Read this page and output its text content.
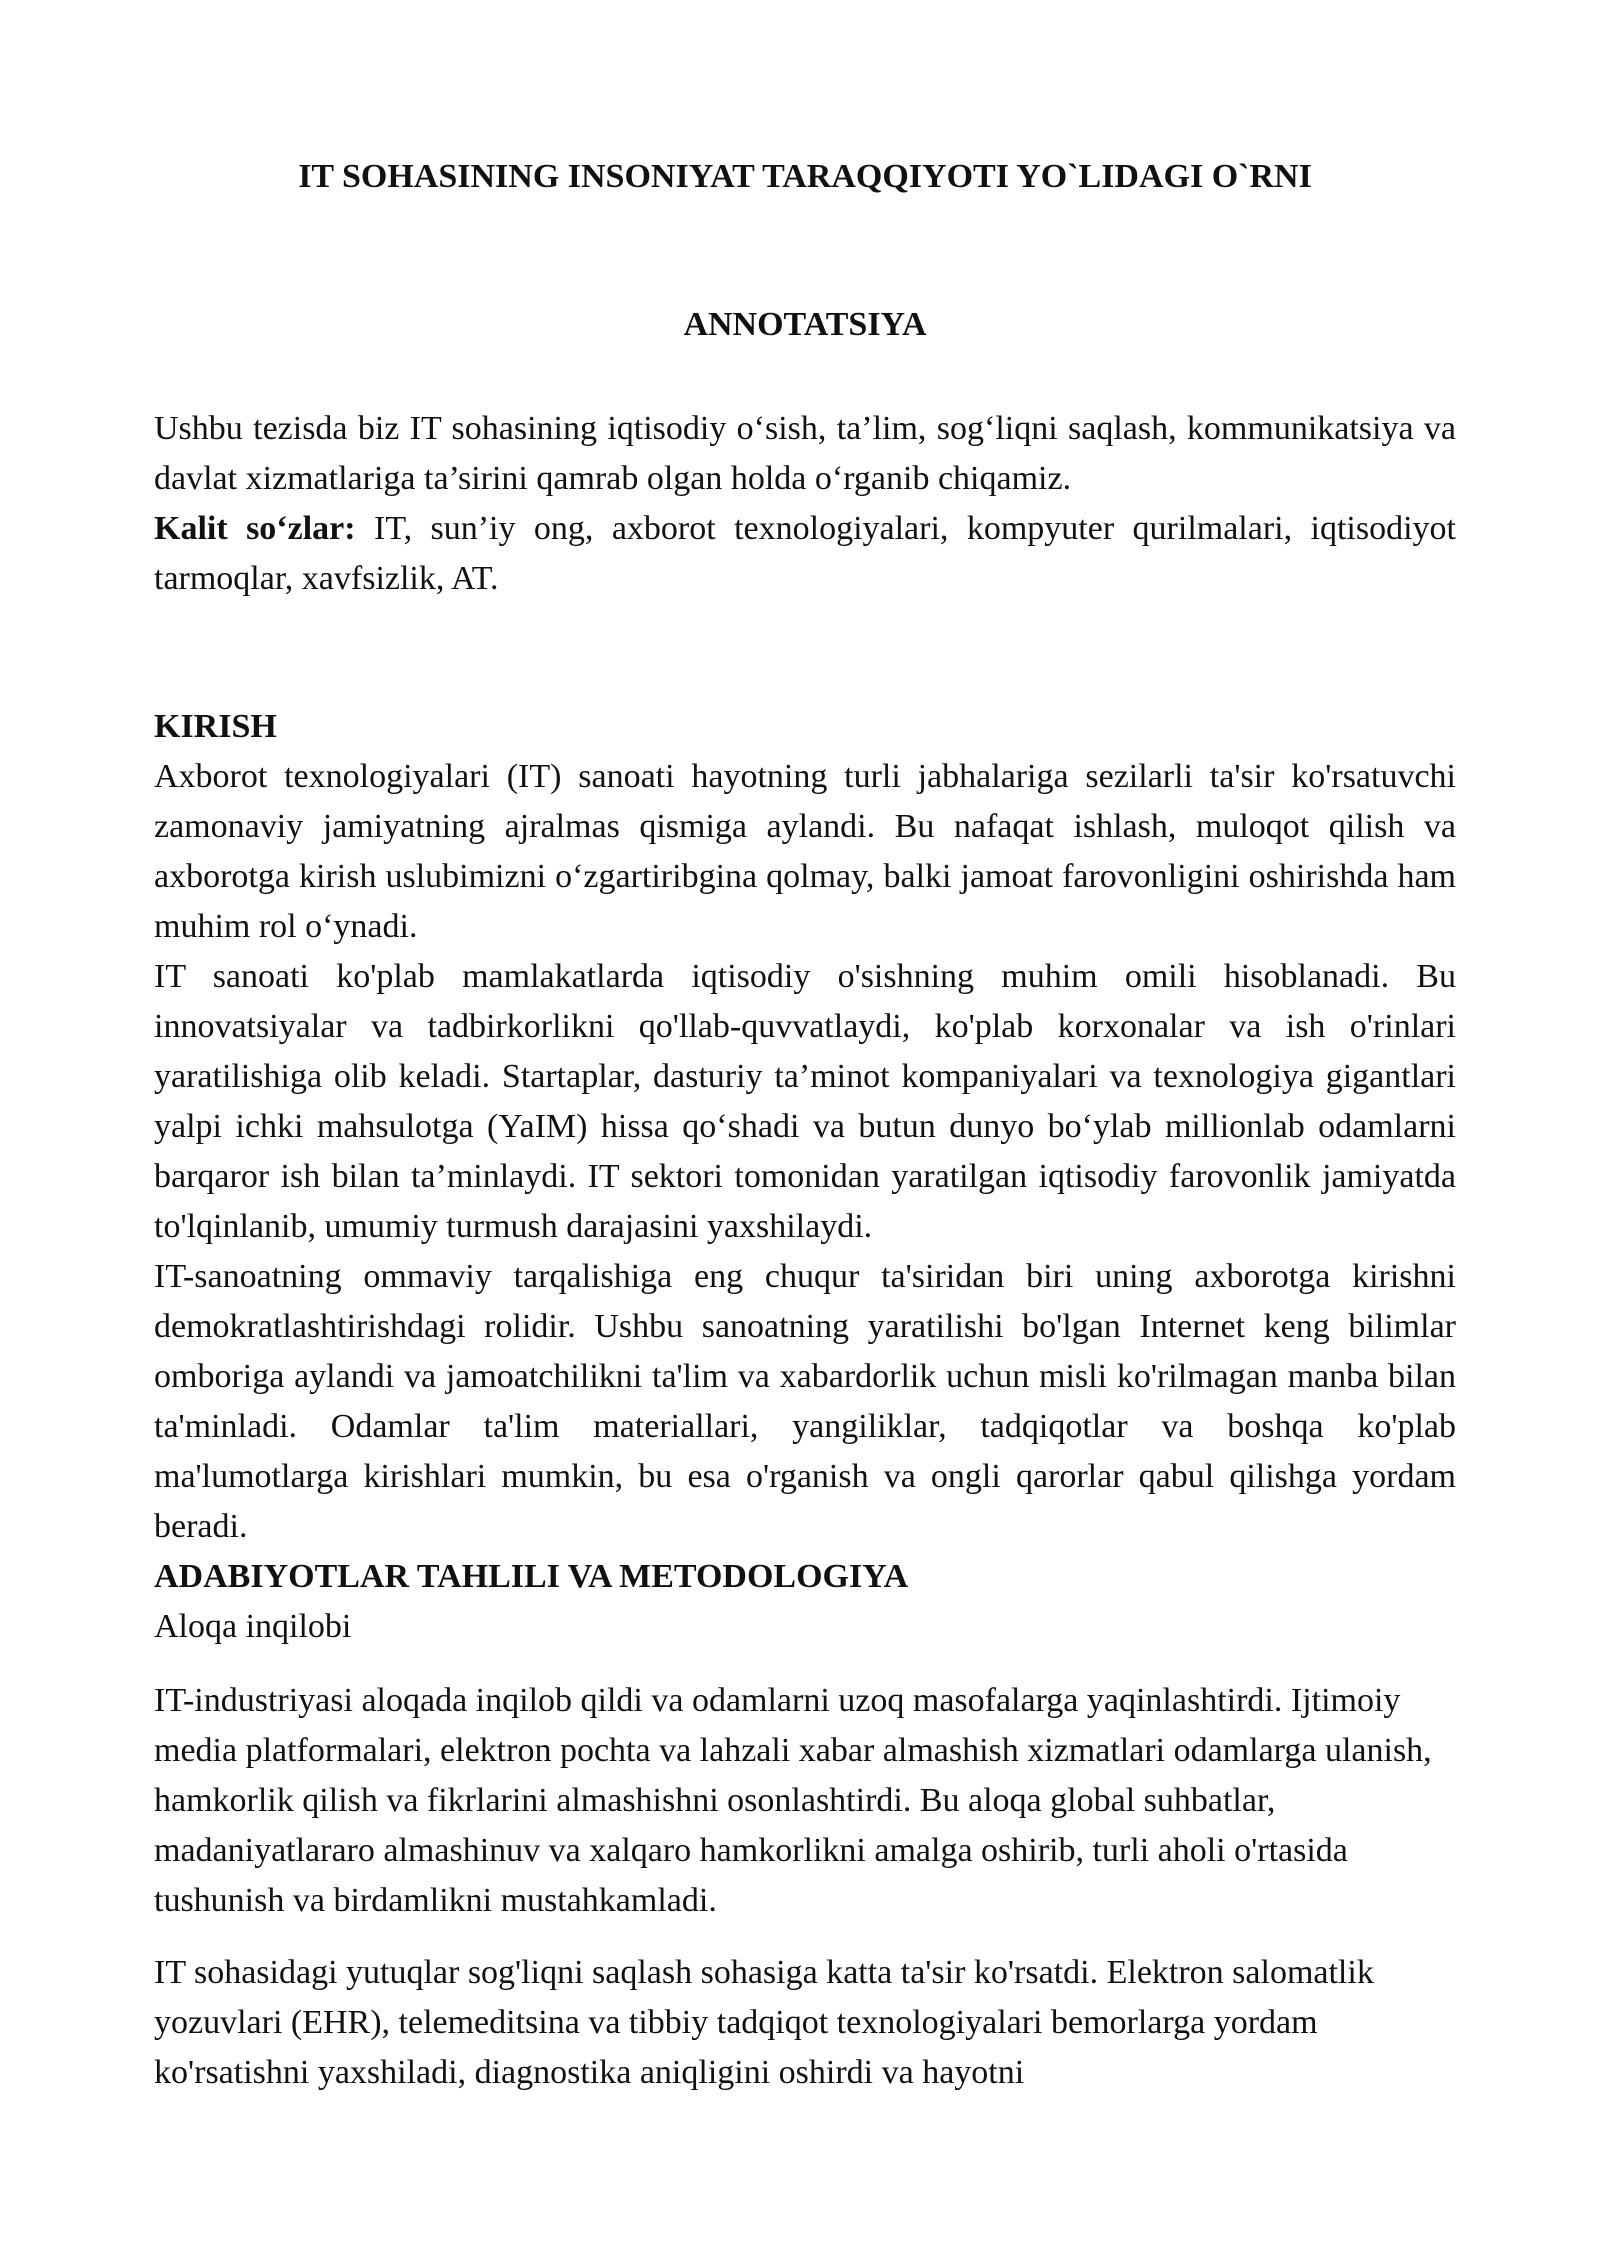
IT SOHASINING INSONIYAT TARAQQIYOTI YO`LIDAGI O`RNI
ANNOTATSIYA

Ushbu tezisda biz IT sohasining iqtisodiy o‘sish, ta’lim, sog‘liqni saqlash, kommunikatsiya va davlat xizmatlariga ta’sirini qamrab olgan holda o‘rganib chiqamiz.

Kalit so‘zlar: IT, sun’iy ong, axborot texnologiyalari, kompyuter qurilmalari, iqtisodiyot tarmoqlar, xavfsizlik, AT.

KIRISH

Axborot texnologiyalari (IT) sanoati hayotning turli jabhalariga sezilarli ta'sir ko'rsatuvchi zamonaviy jamiyatning ajralmas qismiga aylandi. Bu nafaqat ishlash, muloqot qilish va axborotga kirish uslubimizni o‘zgartiribgina qolmay, balki jamoat farovonligini oshirishda ham muhim rol o‘ynadi.

IT sanoati ko'plab mamlakatlarda iqtisodiy o'sishning muhim omili hisoblanadi. Bu innovatsiyalar va tadbirkorlikni qo'llab-quvvatlaydi, ko'plab korxonalar va ish o'rinlari yaratilishiga olib keladi. Startaplar, dasturiy ta’minot kompaniyalari va texnologiya gigantlari yalpi ichki mahsulotga (YaIM) hissa qo‘shadi va butun dunyo bo‘ylab millionlab odamlarni barqaror ish bilan ta’minlaydi. IT sektori tomonidan yaratilgan iqtisodiy farovonlik jamiyatda to'lqinlanib, umumiy turmush darajasini yaxshilaydi.

IT-sanoatning ommaviy tarqalishiga eng chuqur ta'siridan biri uning axborotga kirishni demokratlashtirishdagi rolidir. Ushbu sanoatning yaratilishi bo'lgan Internet keng bilimlar omboriga aylandi va jamoatchilikni ta'lim va xabardorlik uchun misli ko'rilmagan manba bilan ta'minladi. Odamlar ta'lim materiallari, yangiliklar, tadqiqotlar va boshqa ko'plab ma'lumotlarga kirishlari mumkin, bu esa o'rganish va ongli qarorlar qabul qilishga yordam beradi.

ADABIYOTLAR TAHLILI VA METODOLOGIYA
Aloqa inqilobi

IT-industriyasi aloqada inqilob qildi va odamlarni uzoq masofalarga yaqinlashtirdi. Ijtimoiy media platformalari, elektron pochta va lahzali xabar almashish xizmatlari odamlarga ulanish, hamkorlik qilish va fikrlarini almashishni osonlashtirdi. Bu aloqa global suhbatlar, madaniyatlararo almashinuv va xalqaro hamkorlikni amalga oshirib, turli aholi o'rtasida tushunish va birdamlikni mustahkamladi.

IT sohasidagi yutuqlar sog'liqni saqlash sohasiga katta ta'sir ko'rsatdi. Elektron salomatlik yozuvlari (EHR), telemeditsina va tibbiy tadqiqot texnologiyalari bemorlarga yordam ko'rsatishni yaxshiladi, diagnostika aniqligini oshirdi va hayotni
